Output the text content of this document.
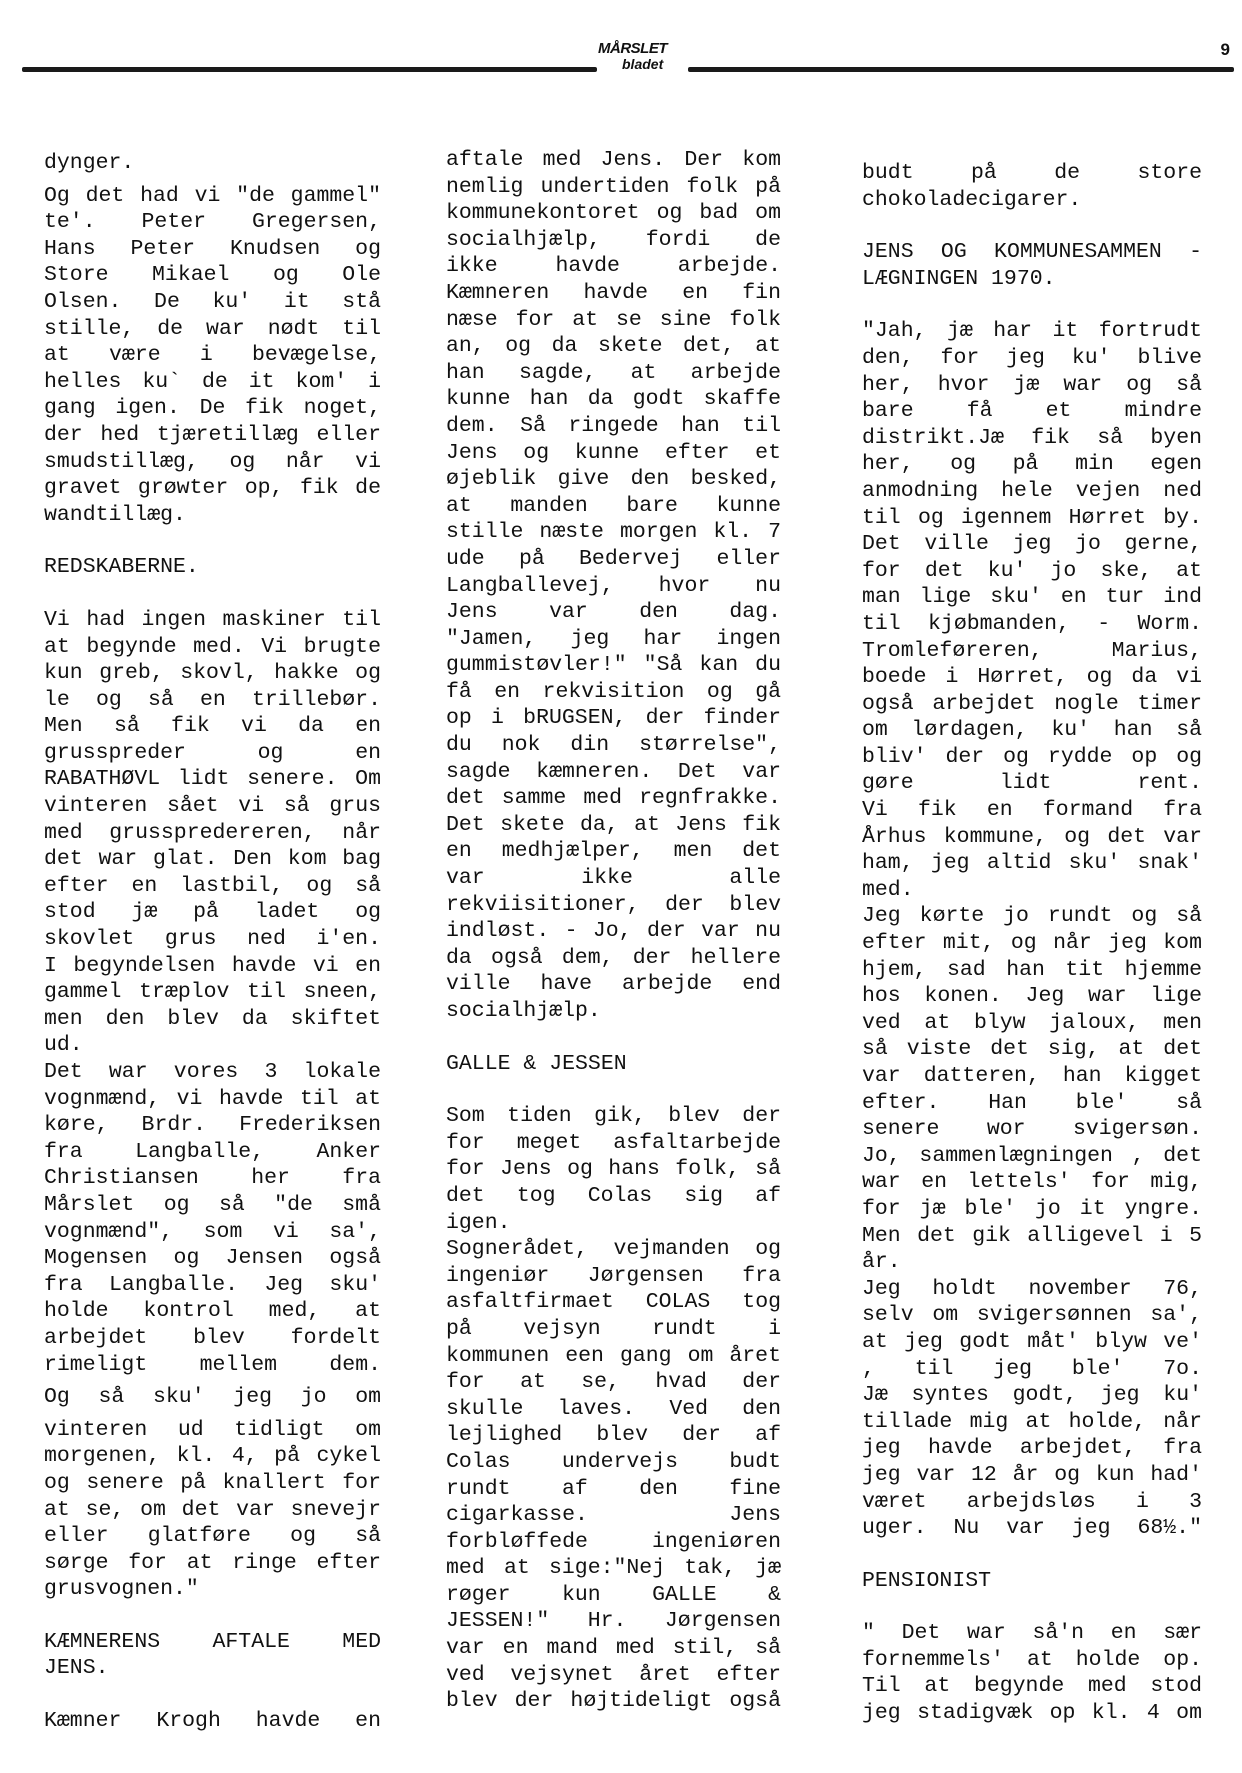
MÅRSLET
bladet
9
dynger.
Og det had vi "de gammel"
te'. Peter Gregersen,
Hans Peter Knudsen og
Store Mikael og Ole
Olsen. De ku' it stå
stille, de war nødt til
at være i bevægelse,
helles ku` de it kom' i
gang igen. De fik noget,
der hed tjæretillæg eller
smudstillæg, og når vi
gravet grøwter op, fik de
wandtillæg.
REDSKABERNE.
Vi had ingen maskiner til
at begynde med. Vi brugte
kun greb, skovl, hakke og
le og så en trillebør.
Men så fik vi da en
grusspreder og en
RABATHØVL lidt senere. Om
vinteren sået vi så grus
med grusspredereren, når
det war glat. Den kom bag
efter en lastbil, og så
stod jæ på ladet og
skovlet grus ned i'en.
I begyndelsen havde vi en
gammel træplov til sneen,
men den blev da skiftet
ud.
Det war vores 3 lokale
vognmænd, vi havde til at
køre, Brdr. Frederiksen
fra Langballe, Anker
Christiansen her fra
Mårslet og så "de små
vognmænd", som vi sa',
Mogensen og Jensen også
fra Langballe. Jeg sku'
holde kontrol med, at
arbejdet blev fordelt
rimeligt mellem dem.
Og så sku' jeg jo om
vinteren ud tidligt om
morgenen, kl. 4, på cykel
og senere på knallert for
at se, om det var snevejr
eller glatføre og så
sørge for at ringe efter
grusvognen."
KÆMNERENS AFTALE MED
JENS.
Kæmner Krogh havde en
aftale med Jens. Der kom
nemlig undertiden folk på
kommunekontoret og bad om
socialhjælp, fordi de
ikke havde arbejde.
Kæmneren havde en fin
næse for at se sine folk
an, og da skete det, at
han sagde, at arbejde
kunne han da godt skaffe
dem. Så ringede han til
Jens og kunne efter et
øjeblik give den besked,
at manden bare kunne
stille næste morgen kl. 7
ude på Bedervej eller
Langballevej, hvor nu
Jens var den dag.
"Jamen, jeg har ingen
gummistøvler!" "Så kan du
få en rekvisition og gå
op i bRUGSEN, der finder
du nok din størrelse",
sagde kæmneren. Det var
det samme med regnfrakke.
Det skete da, at Jens fik
en medhjælper, men det
var ikke alle
rekviisitioner, der blev
indløst. - Jo, der var nu
da også dem, der hellere
ville have arbejde end
socialhjælp.
GALLE & JESSEN
Som tiden gik, blev der
for meget asfaltarbejde
for Jens og hans folk, så
det tog Colas sig af
igen.
Sognerådet, vejmanden og
ingeniør Jørgensen fra
asfaltfirmaet COLAS tog
på vejsyn rundt i
kommunen een gang om året
for at se, hvad der
skulle laves. Ved den
lejlighed blev der af
Colas undervejs budt
rundt af den fine
cigarkasse. Jens
forbløffede ingeniøren
med at sige:"Nej tak, jæ
røger kun GALLE &
JESSEN!" Hr. Jørgensen
var en mand med stil, så
ved vejsynet året efter
blev der højtideligt også
budt på de store
chokoladecigarer.
JENS OG KOMMUNESAMMEN -
LÆGNINGEN 1970.
"Jah, jæ har it fortrudt
den, for jeg ku' blive
her, hvor jæ war og så
bare få et mindre
distrikt.Jæ fik så byen
her, og på min egen
anmodning hele vejen ned
til og igennem Hørret by.
Det ville jeg jo gerne,
for det ku' jo ske, at
man lige sku' en tur ind
til kjøbmanden, - Worm.
Tromleføreren, Marius,
boede i Hørret, og da vi
også arbejdet nogle timer
om lørdagen, ku' han så
bliv' der og rydde op og
gøre lidt rent.
Vi fik en formand fra
Århus kommune, og det var
ham, jeg altid sku' snak'
med.
Jeg kørte jo rundt og så
efter mit, og når jeg kom
hjem, sad han tit hjemme
hos konen. Jeg war lige
ved at blyw jaloux, men
så viste det sig, at det
var datteren, han kigget
efter. Han ble' så
senere wor svigersøn.
Jo, sammenlægningen , det
war en lettels' for mig,
for jæ ble' jo it yngre.
Men det gik alligevel i 5
år.
Jeg holdt november 76,
selv om svigersønnen sa',
at jeg godt måt' blyw ve'
, til jeg ble' 7o.
Jæ syntes godt, jeg ku'
tillade mig at holde, når
jeg havde arbejdet, fra
jeg var 12 år og kun had'
været arbejdsløs i 3
uger. Nu var jeg 68½."
PENSIONIST
" Det war så'n en sær
fornemmels' at holde op.
Til at begynde med stod
jeg stadigvæk op kl. 4 om
